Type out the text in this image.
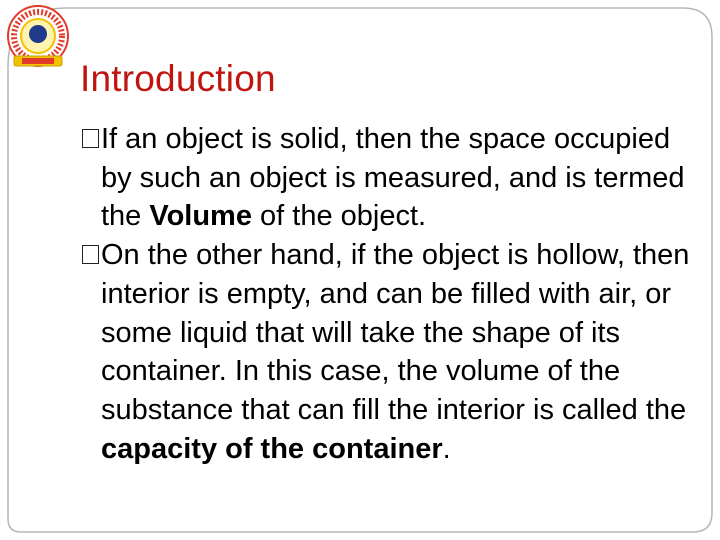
Introduction

If an object is solid, then the space occupied by such an object is measured, and is termed the Volume of the object.

On the other hand, if the object is hollow, then interior is empty, and can be filled with air, or some liquid that will take the shape of its container. In this case, the volume of the substance that can fill the interior is called the capacity of the container.
